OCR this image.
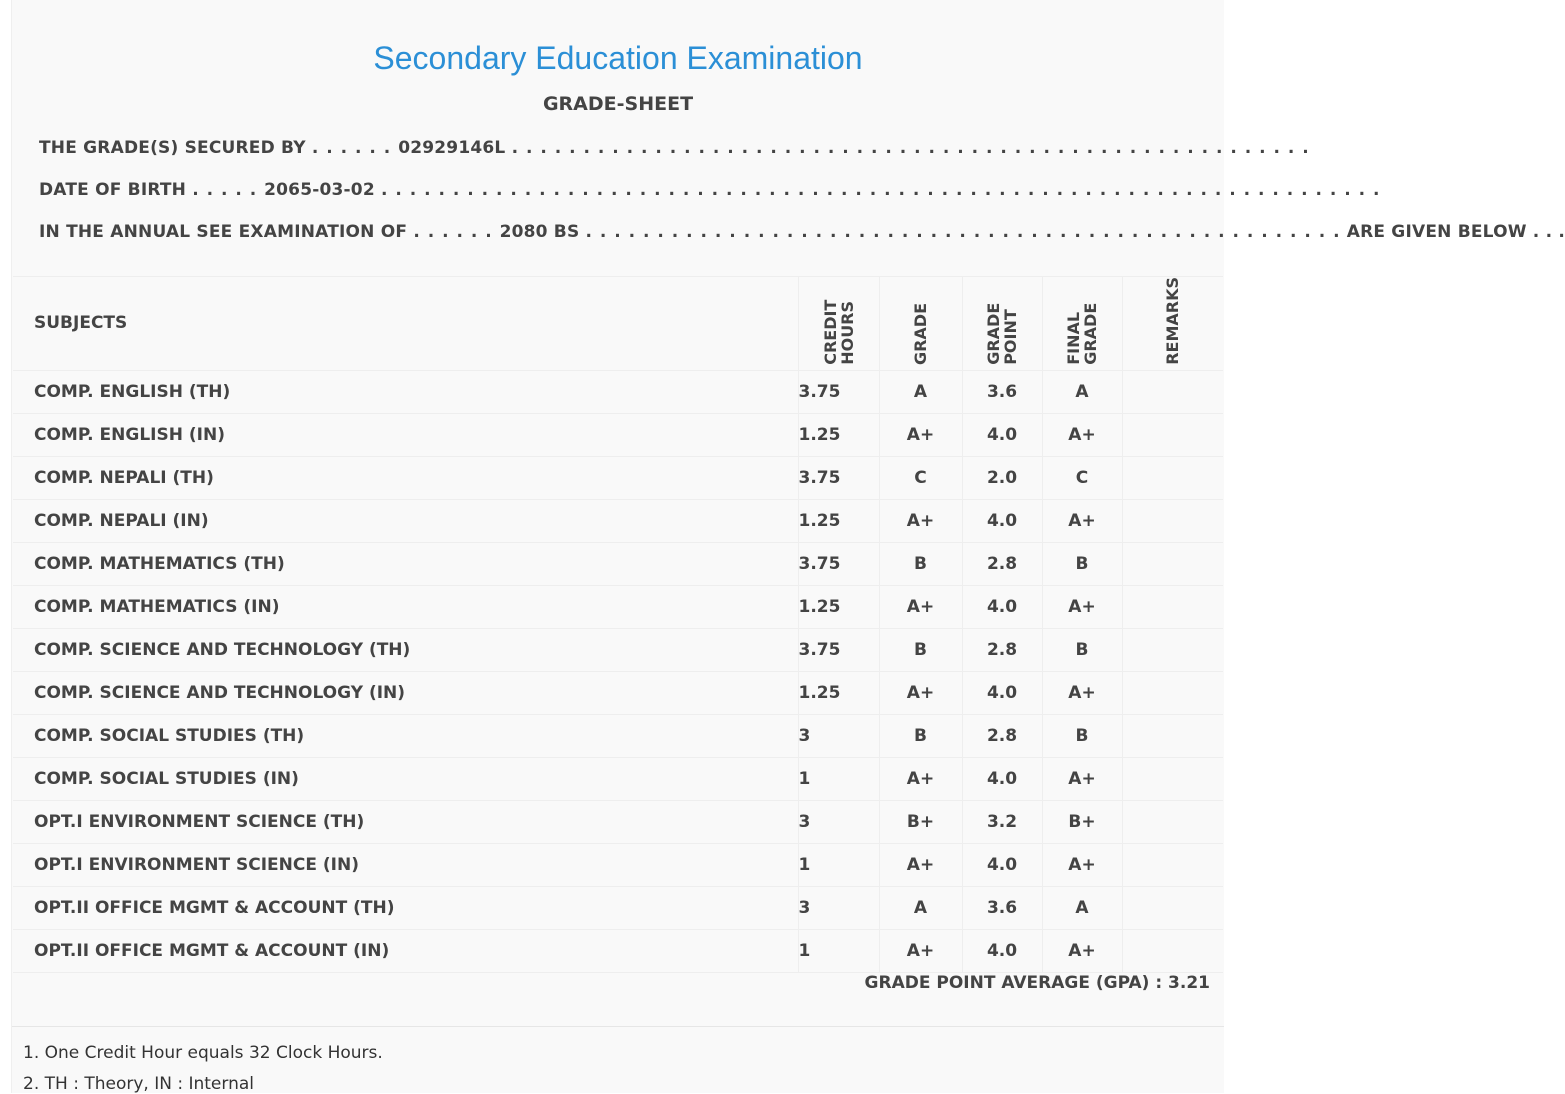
Secondary Education Examination
GRADE-SHEET
THE GRADE(S) SECURED BY . . . . . . 02929146L . . . . . . . . . . . . . . . . . . . . . . . . . . . . . . . . . . . . . . . . . . . . . . . . . . . . . . . .
DATE OF BIRTH . . . . . 2065-03-02 . . . . . . . . . . . . . . . . . . . . . . . . . . . . . . . . . . . . . . . . . . . . . . . . . . . . . . . . . . . . . . . . . . . . . .
IN THE ANNUAL SEE EXAMINATION OF . . . . . . 2080 BS . . . . . . . . . . . . . . . . . . . . . . . . . . . . . . . . . . . . . . . . . . . . . . . . . . . . . ARE GIVEN BELOW . . .
SUBJECTS	CREDIT HOURS	GRADE	GRADE POINT	FINAL GRADE	REMARKS
COMP. ENGLISH (TH)	3.75	A	3.6	A	
COMP. ENGLISH (IN)	1.25	A+	4.0	A+	
COMP. NEPALI (TH)	3.75	C	2.0	C	
COMP. NEPALI (IN)	1.25	A+	4.0	A+	
COMP. MATHEMATICS (TH)	3.75	B	2.8	B	
COMP. MATHEMATICS (IN)	1.25	A+	4.0	A+	
COMP. SCIENCE AND TECHNOLOGY (TH)	3.75	B	2.8	B	
COMP. SCIENCE AND TECHNOLOGY (IN)	1.25	A+	4.0	A+	
COMP. SOCIAL STUDIES (TH)	3	B	2.8	B	
COMP. SOCIAL STUDIES (IN)	1	A+	4.0	A+	
OPT.I ENVIRONMENT SCIENCE (TH)	3	B+	3.2	B+	
OPT.I ENVIRONMENT SCIENCE (IN)	1	A+	4.0	A+	
OPT.II OFFICE MGMT & ACCOUNT (TH)	3	A	3.6	A	
OPT.II OFFICE MGMT & ACCOUNT (IN)	1	A+	4.0	A+	
GRADE POINT AVERAGE (GPA) : 3.21
1. One Credit Hour equals 32 Clock Hours.
2. TH : Theory, IN : Internal
